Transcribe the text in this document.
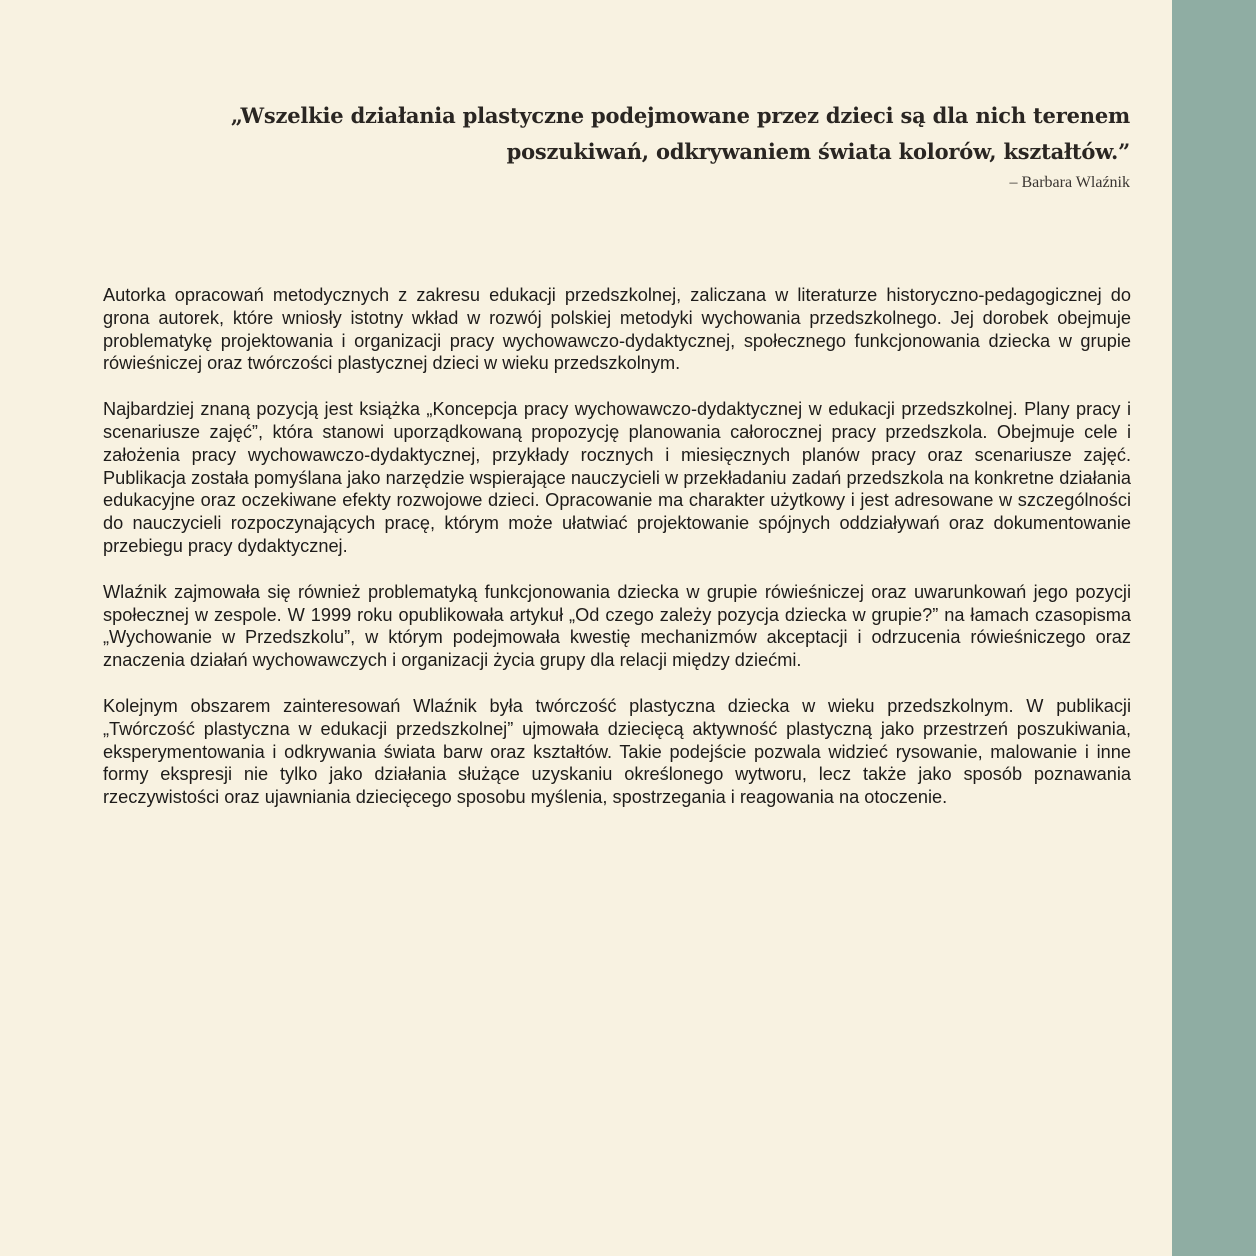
„Wszelkie działania plastyczne podejmowane przez dzieci są dla nich terenem poszukiwań, odkrywaniem świata kolorów, kształtów.”

– Barbara Wlaźnik

Autorka opracowań metodycznych z zakresu edukacji przedszkolnej, zaliczana w literaturze historyczno-pedagogicznej do grona autorek, które wniosły istotny wkład w rozwój polskiej metodyki wychowania przedszkolnego. Jej dorobek obejmuje problematykę projektowania i organizacji pracy wychowawczo-dydaktycznej, społecznego funkcjonowania dziecka w grupie rówieśniczej oraz twórczości plastycznej dzieci w wieku przedszkolnym.

Najbardziej znaną pozycją jest książka „Koncepcja pracy wychowawczo-dydaktycznej w edukacji przedszkolnej. Plany pracy i scenariusze zajęć”, która stanowi uporządkowaną propozycję planowania całorocznej pracy przedszkola. Obejmuje cele i założenia pracy wychowawczo-dydaktycznej, przykłady rocznych i miesięcznych planów pracy oraz scenariusze zajęć. Publikacja została pomyślana jako narzędzie wspierające nauczycieli w przekładaniu zadań przedszkola na konkretne działania edukacyjne oraz oczekiwane efekty rozwojowe dzieci. Opracowanie ma charakter użytkowy i jest adresowane w szczególności do nauczycieli rozpoczynających pracę, którym może ułatwiać projektowanie spójnych oddziaływań oraz dokumentowanie przebiegu pracy dydaktycznej.

Wlaźnik zajmowała się również problematyką funkcjonowania dziecka w grupie rówieśniczej oraz uwarunkowań jego pozycji społecznej w zespole. W 1999 roku opublikowała artykuł „Od czego zależy pozycja dziecka w grupie?” na łamach czasopisma „Wychowanie w Przedszkolu”, w którym podejmowała kwestię mechanizmów akceptacji i odrzucenia rówieśniczego oraz znaczenia działań wychowawczych i organizacji życia grupy dla relacji między dziećmi.

Kolejnym obszarem zainteresowań Wlaźnik była twórczość plastyczna dziecka w wieku przedszkolnym. W publikacji „Twórczość plastyczna w edukacji przedszkolnej” ujmowała dziecięcą aktywność plastyczną jako przestrzeń poszukiwania, eksperymentowania i odkrywania świata barw oraz kształtów. Takie podejście pozwala widzieć rysowanie, malowanie i inne formy ekspresji nie tylko jako działania służące uzyskaniu określonego wytworu, lecz także jako sposób poznawania rzeczywistości oraz ujawniania dziecięcego sposobu myślenia, spostrzegania i reagowania na otoczenie.
